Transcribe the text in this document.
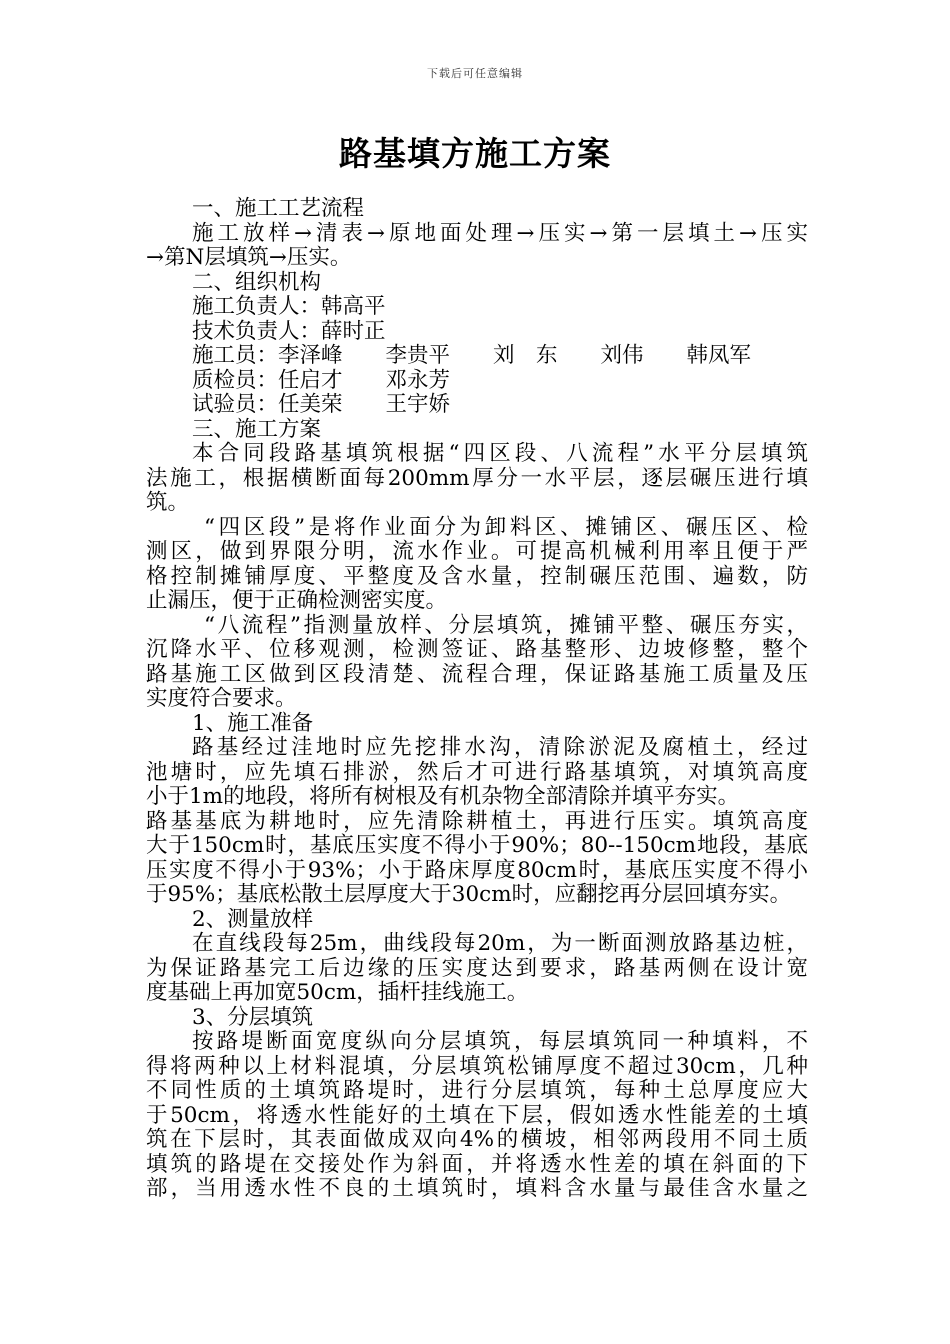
下载后可任意编辑
路基填方施工方案
一、施工工艺流程
施工放样→清表→原地面处理→压实→第一层填土→压实
→第N层填筑→压实。
二、组织机构
施工负责人：韩高平
技术负责人：薛时正
施工员：李泽峰　　李贵平　　刘　东　　刘伟　　韩凤军
质检员：任启才　　邓永芳
试验员：任美荣　　王宇娇
三、施工方案
本合同段路基填筑根据“四区段、八流程”水平分层填筑
法施工，根据横断面每200mm厚分一水平层，逐层碾压进行填
筑。
“四区段”是将作业面分为卸料区、摊铺区、碾压区、检
测区，做到界限分明，流水作业。可提高机械利用率且便于严
格控制摊铺厚度、平整度及含水量，控制碾压范围、遍数，防
止漏压，便于正确检测密实度。
“八流程”指测量放样、分层填筑，摊铺平整、碾压夯实，
沉降水平、位移观测，检测签证、路基整形、边坡修整，整个
路基施工区做到区段清楚、流程合理，保证路基施工质量及压
实度符合要求。
1、施工准备
路基经过洼地时应先挖排水沟，清除淤泥及腐植土，经过
池塘时，应先填石排淤，然后才可进行路基填筑，对填筑高度
小于1m的地段，将所有树根及有机杂物全部清除并填平夯实。
路基基底为耕地时，应先清除耕植土，再进行压实。填筑高度
大于150cm时，基底压实度不得小于90%；80--150cm地段，基底
压实度不得小于93%；小于路床厚度80cm时，基底压实度不得小
于95%；基底松散土层厚度大于30cm时，应翻挖再分层回填夯实。
2、测量放样
在直线段每25m，曲线段每20m，为一断面测放路基边桩，
为保证路基完工后边缘的压实度达到要求，路基两侧在设计宽
度基础上再加宽50cm，插杆挂线施工。
3、分层填筑
按路堤断面宽度纵向分层填筑，每层填筑同一种填料，不
得将两种以上材料混填，分层填筑松铺厚度不超过30cm，几种
不同性质的土填筑路堤时，进行分层填筑，每种土总厚度应大
于50cm，将透水性能好的土填在下层，假如透水性能差的土填
筑在下层时，其表面做成双向4%的横坡，相邻两段用不同土质
填筑的路堤在交接处作为斜面，并将透水性差的填在斜面的下
部，当用透水性不良的土填筑时，填料含水量与最佳含水量之
